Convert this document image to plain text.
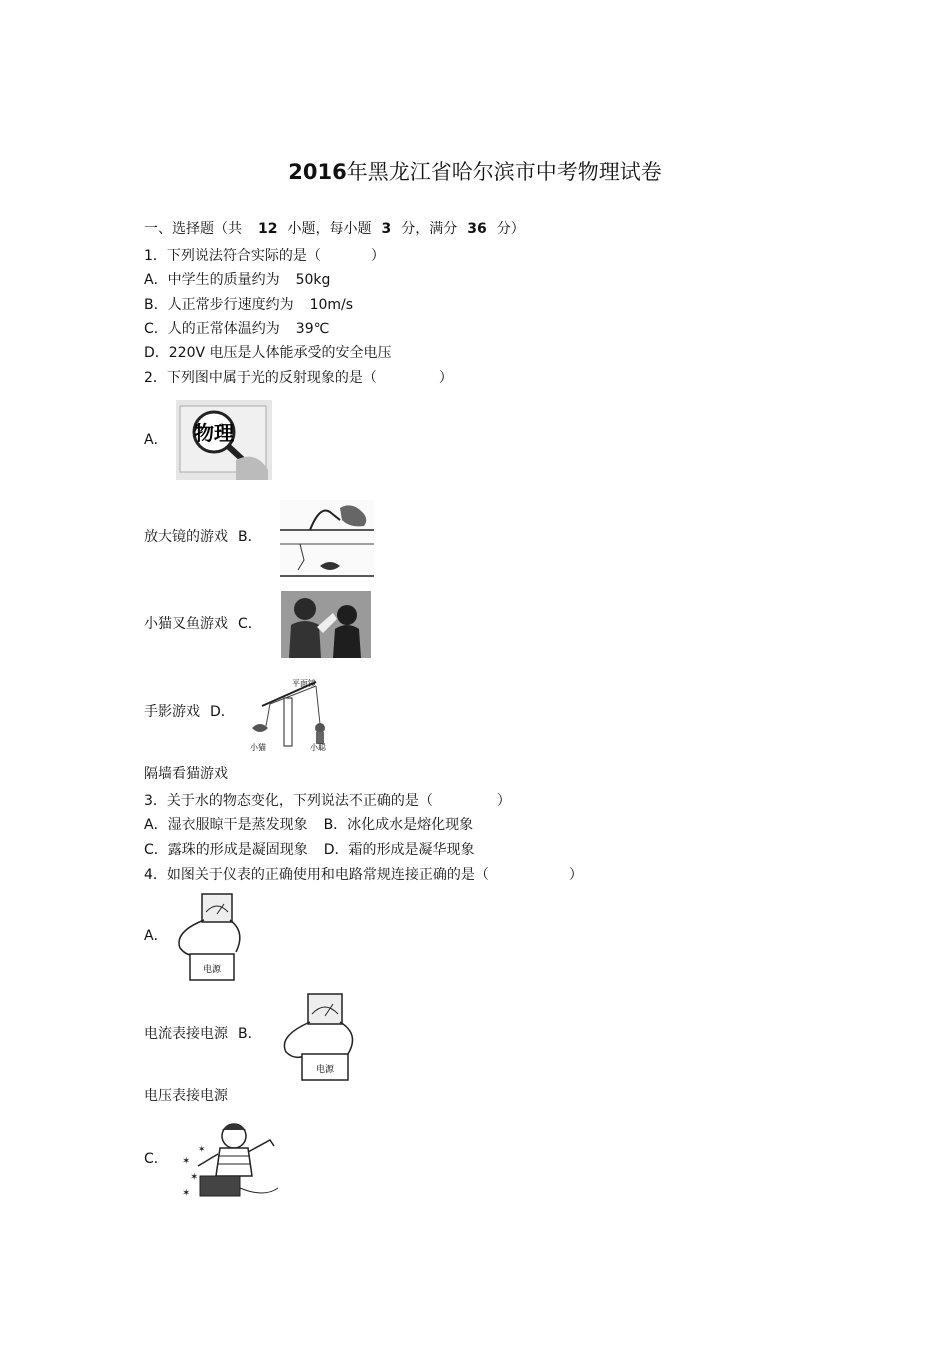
2016年黑龙江省哈尔滨市中考物理试卷
一、选择题（共 12 小题，每小题 3 分，满分 36 分）
1．下列说法符合实际的是（	）
A．中学生的质量约为 50kg
B．人正常步行速度约为 10m/s
C．人的正常体温约为 39℃
D．220V 电压是人体能承受的安全电压
2．下列图中属于光的反射现象的是（	）
A． 物理
放大镜的游戏 B．
小猫叉鱼游戏 C．
手影游戏 D．
平面镜
小猫	小聪
隔墙看猫游戏
3．关于水的物态变化，下列说法不正确的是（	）
A．湿衣服晾干是蒸发现象 B．冰化成水是熔化现象
C．露珠的形成是凝固现象 D．霜的形成是凝华现象
4．如图关于仪表的正确使用和电路常规连接正确的是（	）
A．
电源
电流表接电源 B．
电源
电压表接电源
C． ✶
✶
✶
✶
